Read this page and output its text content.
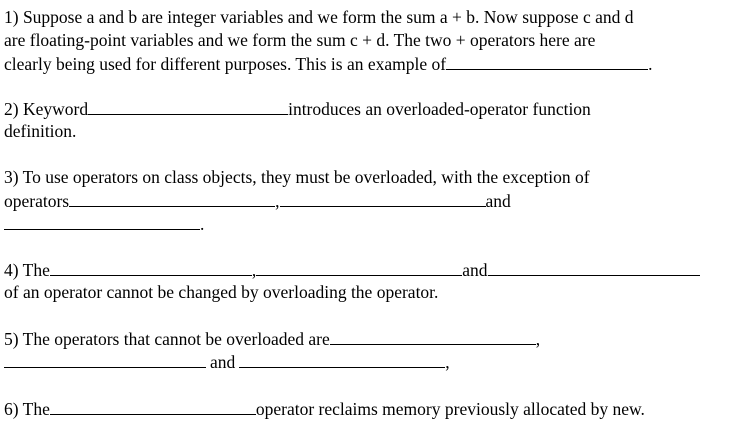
1) Suppose a and b are integer variables and we form the sum a + b. Now suppose c and d
are floating-point variables and we form the sum c + d. The two + operators here are
clearly being used for different purposes. This is an example of	.
2) Keyword	introduces an overloaded-operator function
definition.
3) To use operators on class objects, they must be overloaded, with the exception of
operators	,	and
.
4) The	,	and
of an operator cannot be changed by overloading the operator.
5) The operators that cannot be overloaded are	,
and	,
6) The	operator reclaims memory previously allocated by new.
